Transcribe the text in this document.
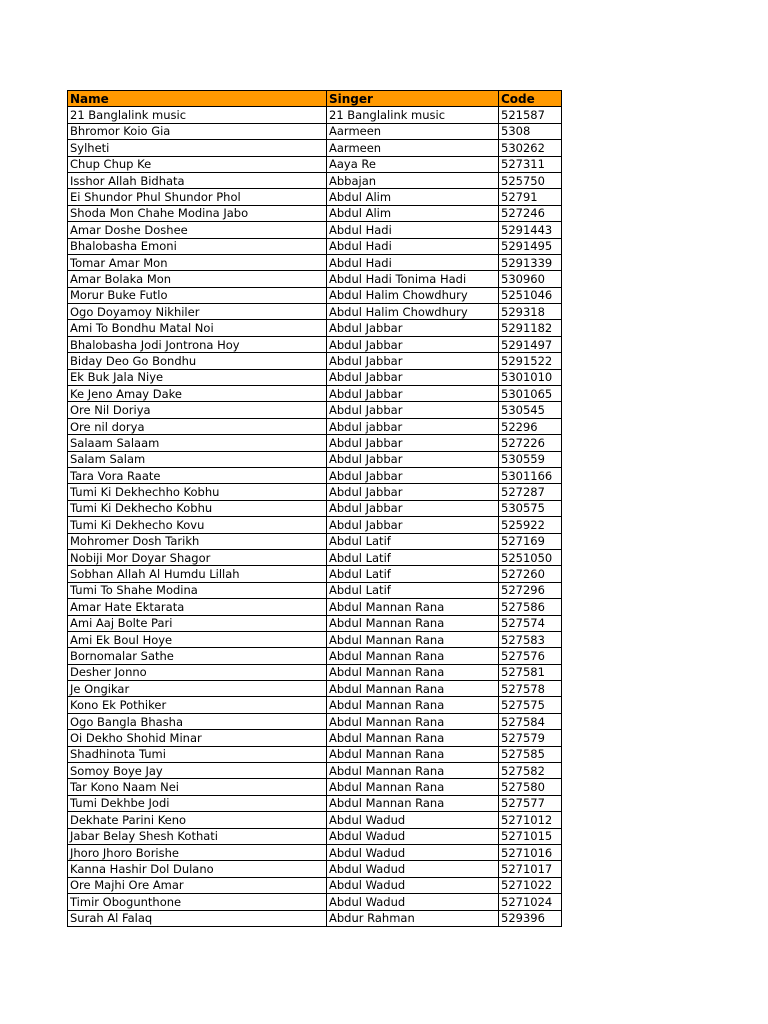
Name	Singer	Code
21 Banglalink music	21 Banglalink music	521587
Bhromor Koio Gia	Aarmeen	5308
Sylheti	Aarmeen	530262
Chup Chup Ke	Aaya Re	527311
Isshor Allah Bidhata	Abbajan	525750
Ei Shundor Phul Shundor Phol	Abdul Alim	52791
Shoda Mon Chahe Modina Jabo	Abdul Alim	527246
Amar Doshe Doshee	Abdul Hadi	5291443
Bhalobasha Emoni	Abdul Hadi	5291495
Tomar Amar Mon	Abdul Hadi	5291339
Amar Bolaka Mon	Abdul Hadi Tonima Hadi	530960
Morur Buke Futlo	Abdul Halim Chowdhury	5251046
Ogo Doyamoy Nikhiler	Abdul Halim Chowdhury	529318
Ami To Bondhu Matal Noi	Abdul Jabbar	5291182
Bhalobasha Jodi Jontrona Hoy	Abdul Jabbar	5291497
Biday Deo Go Bondhu	Abdul Jabbar	5291522
Ek Buk Jala Niye	Abdul Jabbar	5301010
Ke Jeno Amay Dake	Abdul Jabbar	5301065
Ore Nil Doriya	Abdul Jabbar	530545
Ore nil dorya	Abdul jabbar	52296
Salaam Salaam	Abdul Jabbar	527226
Salam Salam	Abdul Jabbar	530559
Tara Vora Raate	Abdul Jabbar	5301166
Tumi Ki Dekhechho Kobhu	Abdul Jabbar	527287
Tumi Ki Dekhecho Kobhu	Abdul Jabbar	530575
Tumi Ki Dekhecho Kovu	Abdul Jabbar	525922
Mohromer Dosh Tarikh	Abdul Latif	527169
Nobiji Mor Doyar Shagor	Abdul Latif	5251050
Sobhan Allah Al Humdu Lillah	Abdul Latif	527260
Tumi To Shahe Modina	Abdul Latif	527296
Amar Hate Ektarata	Abdul Mannan Rana	527586
Ami Aaj Bolte Pari	Abdul Mannan Rana	527574
Ami Ek Boul Hoye	Abdul Mannan Rana	527583
Bornomalar Sathe	Abdul Mannan Rana	527576
Desher Jonno	Abdul Mannan Rana	527581
Je Ongikar	Abdul Mannan Rana	527578
Kono Ek Pothiker	Abdul Mannan Rana	527575
Ogo Bangla Bhasha	Abdul Mannan Rana	527584
Oi Dekho Shohid Minar	Abdul Mannan Rana	527579
Shadhinota Tumi	Abdul Mannan Rana	527585
Somoy Boye Jay	Abdul Mannan Rana	527582
Tar Kono Naam Nei	Abdul Mannan Rana	527580
Tumi Dekhbe Jodi	Abdul Mannan Rana	527577
Dekhate Parini Keno	Abdul Wadud	5271012
Jabar Belay Shesh Kothati	Abdul Wadud	5271015
Jhoro Jhoro Borishe	Abdul Wadud	5271016
Kanna Hashir Dol Dulano	Abdul Wadud	5271017
Ore Majhi Ore Amar	Abdul Wadud	5271022
Timir Obogunthone	Abdul Wadud	5271024
Surah Al Falaq	Abdur Rahman	529396
